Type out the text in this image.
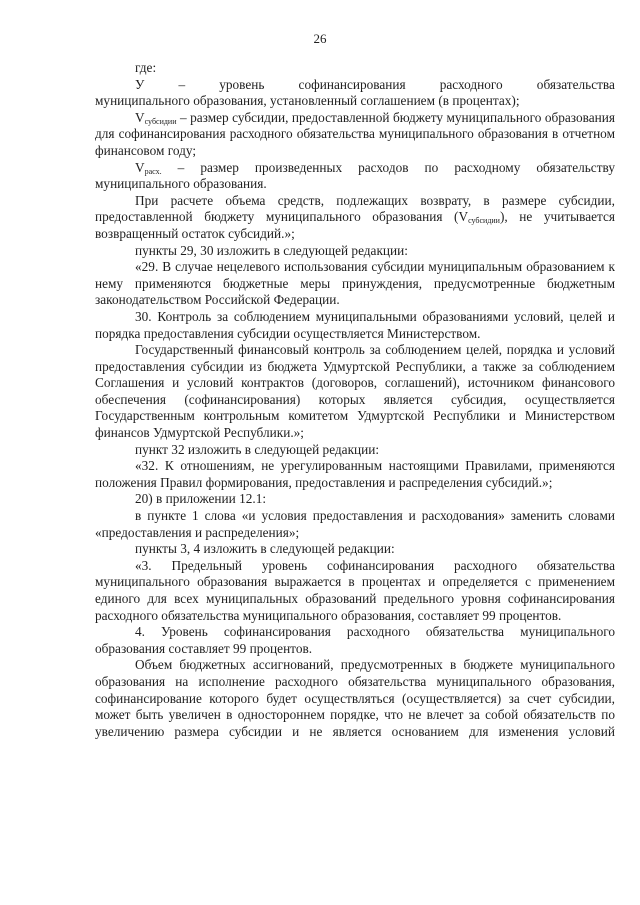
26

где:

У	–	уровень	софинансирования	расходного	обязательства

муниципального образования, установленный соглашением (в процентах);

$V_{субсидии}$ – размер субсидии, предоставленной бюджету муниципального образования для софинансирования расходного обязательства муниципального образования в отчетном финансовом году;

$V_{расх.}$ – размер произведенных расходов по расходному обязательству муниципального образования.

При расчете объема средств, подлежащих возврату, в размере субсидии, предоставленной бюджету муниципального образования $(V_{субсидии})$, не учитывается возвращенный остаток субсидий.»;

пункты 29, 30 изложить в следующей редакции:

«29. В случае нецелевого использования субсидии муниципальным образованием к нему применяются бюджетные меры принуждения, предусмотренные бюджетным законодательством Российской Федерации.

30. Контроль за соблюдением муниципальными образованиями условий, целей и порядка предоставления субсидии осуществляется Министерством.

Государственный финансовый контроль за соблюдением целей, порядка и условий предоставления субсидии из бюджета Удмуртской Республики, а также за соблюдением Соглашения и условий контрактов (договоров, соглашений), источником финансового обеспечения (софинансирования) которых является субсидия, осуществляется Государственным контрольным комитетом Удмуртской Республики и Министерством финансов Удмуртской Республики.»;

пункт 32 изложить в следующей редакции:

«32. К отношениям, не урегулированным настоящими Правилами, применяются положения Правил формирования, предоставления и распределения субсидий.»;

20) в приложении 12.1:

в пункте 1 слова «и условия предоставления и расходования» заменить словами «предоставления и распределения»;

пункты 3, 4 изложить в следующей редакции:

«3. Предельный уровень софинансирования расходного обязательства муниципального образования выражается в процентах и определяется с применением единого для всех муниципальных образований предельного уровня софинансирования расходного обязательства муниципального образования, составляет 99 процентов.

4. Уровень софинансирования расходного обязательства муниципального образования составляет 99 процентов.

Объем бюджетных ассигнований, предусмотренных в бюджете муниципального образования на исполнение расходного обязательства муниципального образования, софинансирование которого будет осуществляться (осуществляется) за счет субсидии, может быть увеличен в одностороннем порядке, что не влечет за собой обязательств по увеличению размера субсидии и не является основанием для изменения условий
